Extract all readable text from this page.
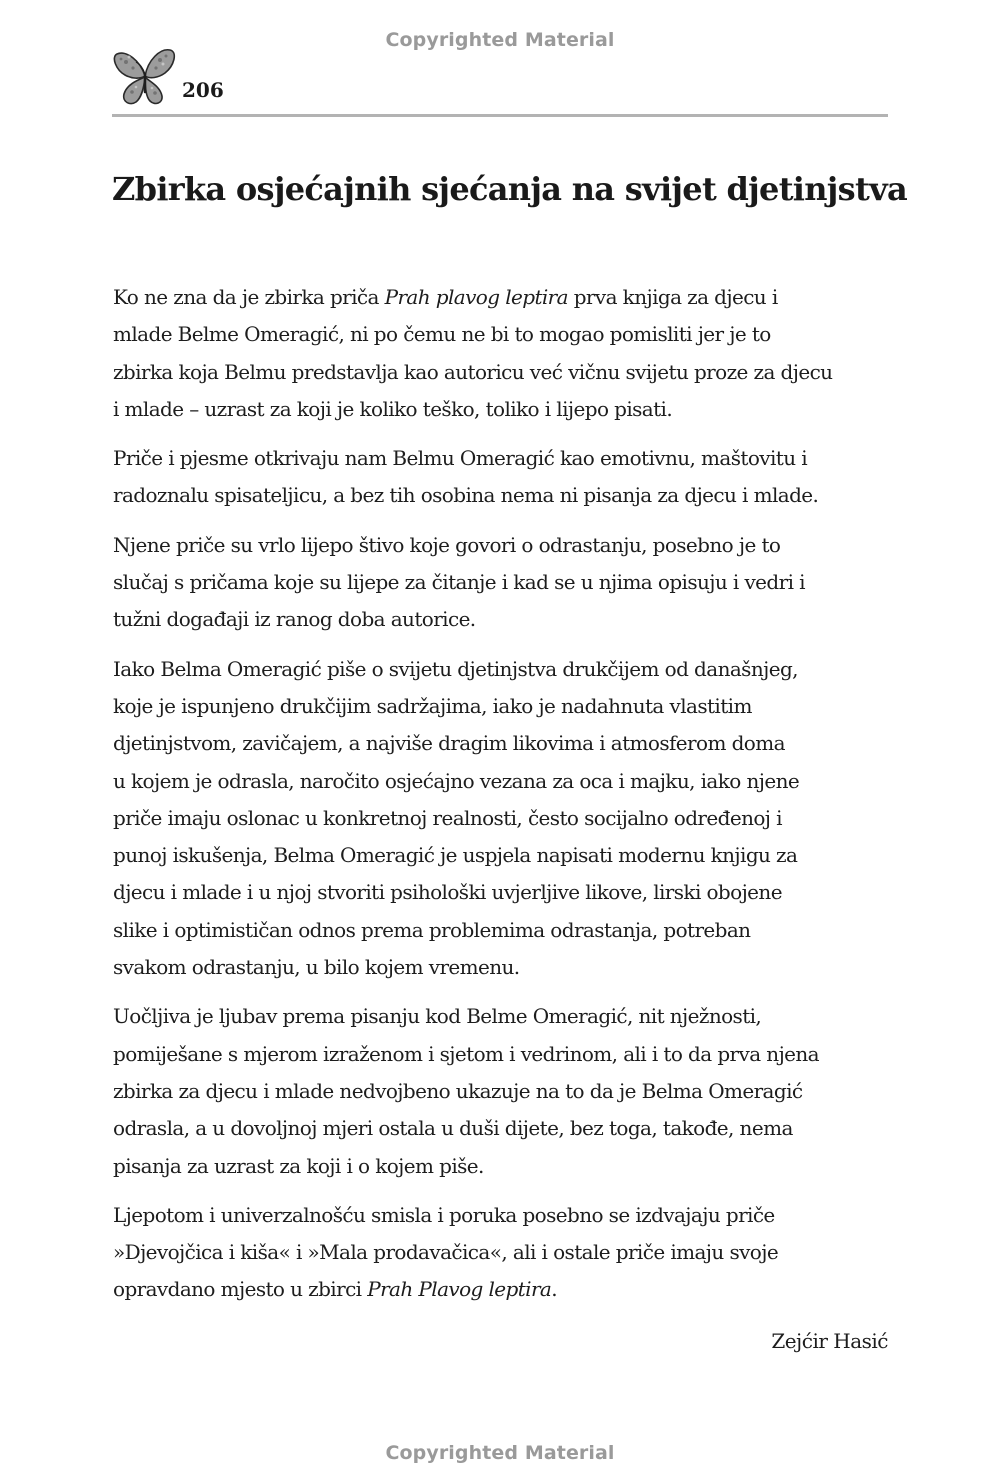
Copyrighted Material
206
Zbirka osjećajnih sjećanja na svijet djetinjstva

Ko ne zna da je zbirka priča Prah plavog leptira prva knjiga za djecu i
mlade Belme Omeragić, ni po čemu ne bi to mogao pomisliti jer je to
zbirka koja Belmu predstavlja kao autoricu već vičnu svijetu proze za djecu
i mlade – uzrast za koji je koliko teško, toliko i lijepo pisati.

Priče i pjesme otkrivaju nam Belmu Omeragić kao emotivnu, maštovitu i
radoznalu spisateljicu, a bez tih osobina nema ni pisanja za djecu i mlade.

Njene priče su vrlo lijepo štivo koje govori o odrastanju, posebno je to
slučaj s pričama koje su lijepe za čitanje i kad se u njima opisuju i vedri i
tužni događaji iz ranog doba autorice.

Iako Belma Omeragić piše o svijetu djetinjstva drukčijem od današnjeg,
koje je ispunjeno drukčijim sadržajima, iako je nadahnuta vlastitim
djetinjstvom, zavičajem, a najviše dragim likovima i atmosferom doma
u kojem je odrasla, naročito osjećajno vezana za oca i majku, iako njene
priče imaju oslonac u konkretnoj realnosti, često socijalno određenoj i
punoj iskušenja, Belma Omeragić je uspjela napisati modernu knjigu za
djecu i mlade i u njoj stvoriti psihološki uvjerljive likove, lirski obojene
slike i optimističan odnos prema problemima odrastanja, potreban
svakom odrastanju, u bilo kojem vremenu.

Uočljiva je ljubav prema pisanju kod Belme Omeragić, nit nježnosti,
pomiješane s mjerom izraženom i sjetom i vedrinom, ali i to da prva njena
zbirka za djecu i mlade nedvojbeno ukazuje na to da je Belma Omeragić
odrasla, a u dovoljnoj mjeri ostala u duši dijete, bez toga, takođe, nema
pisanja za uzrast za koji i o kojem piše.

Ljepotom i univerzalnošću smisla i poruka posebno se izdvajaju priče
»Djevojčica i kiša« i »Mala prodavačica«, ali i ostale priče imaju svoje
opravdano mjesto u zbirci Prah Plavog leptira.

Zejćir Hasić
Copyrighted Material
